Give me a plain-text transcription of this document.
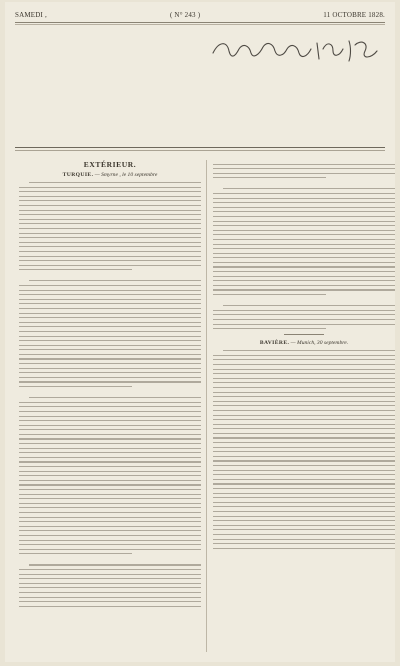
SAMEDI ,	( N° 243 )	11 OCTOBRE 1828.
EXTÉRIEUR.
TURQUIE. — Smyrne , le 10 septembre
BAVIÈRE. — Munich, 30 septembre.
